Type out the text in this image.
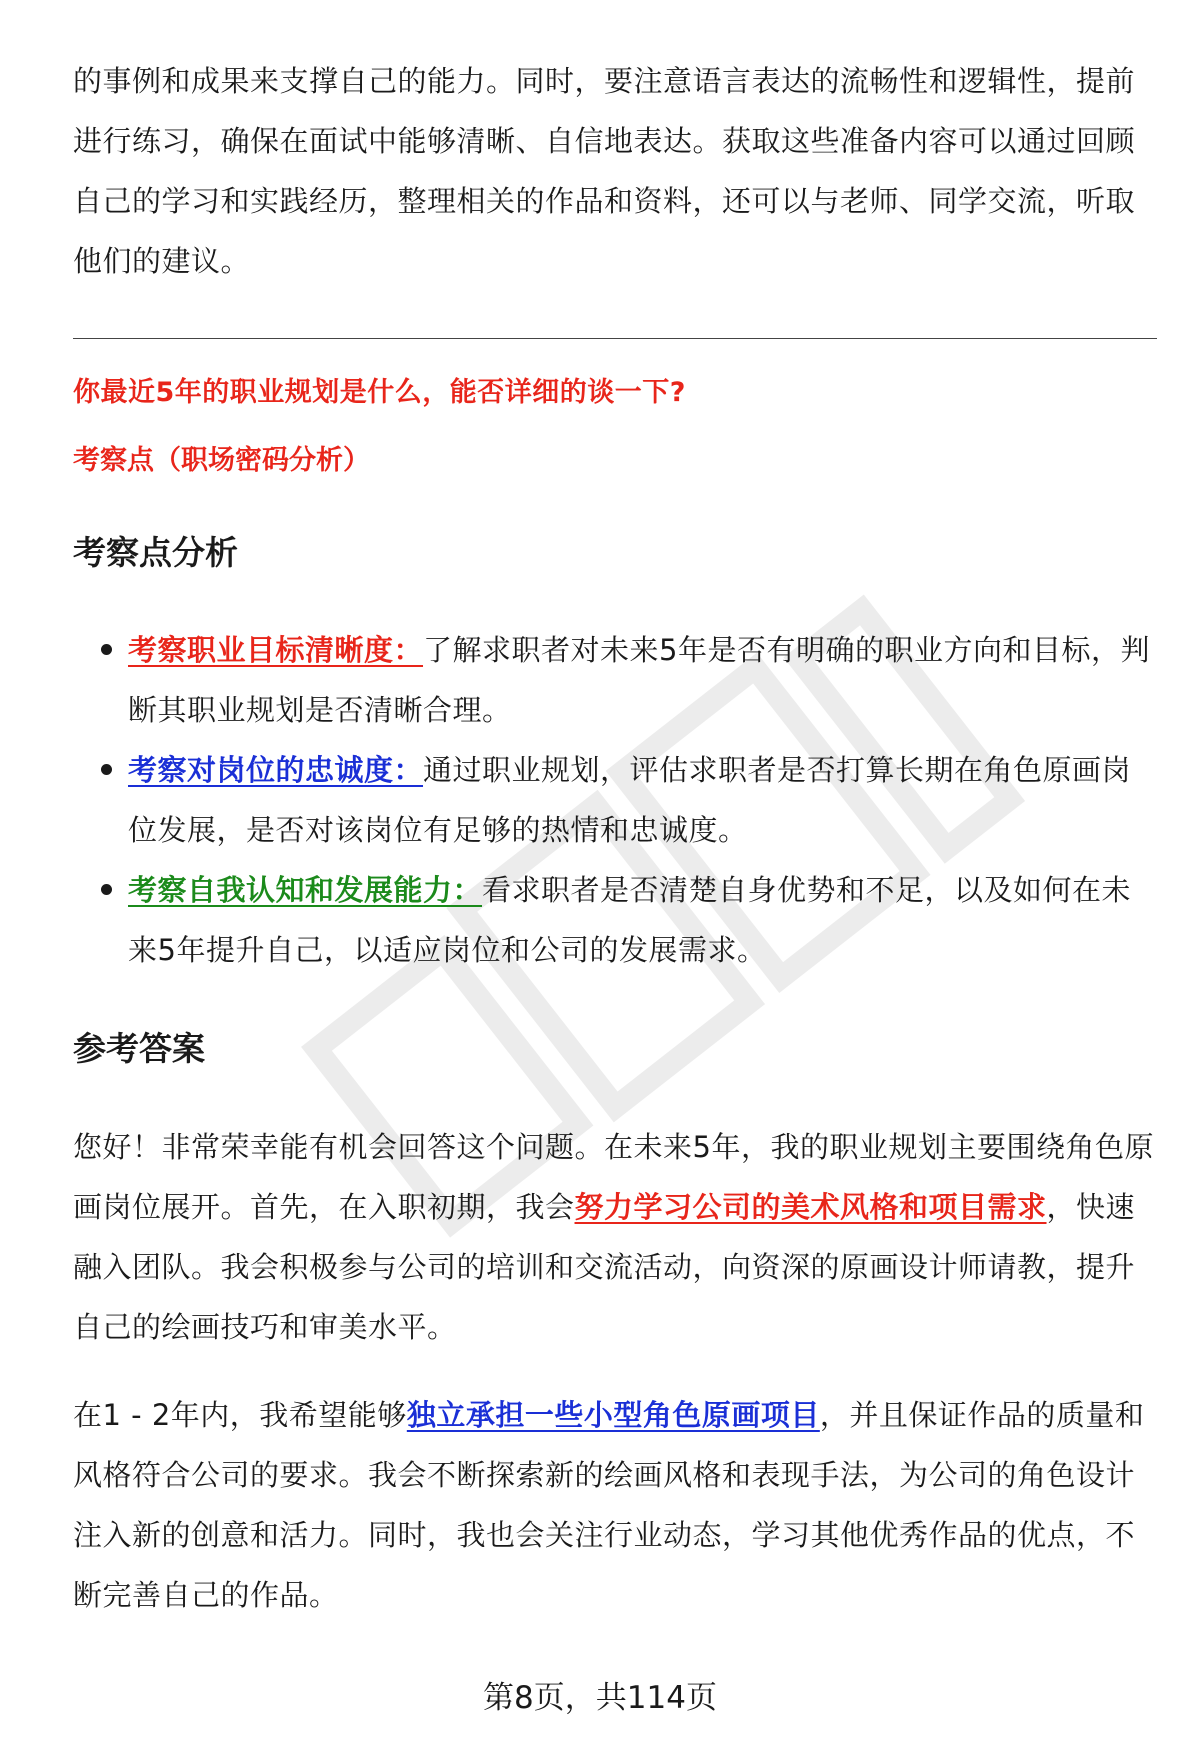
的事例和成果来支撑自己的能力。同时，要注意语言表达的流畅性和逻辑性，提前进行练习，确保在面试中能够清晰、自信地表达。获取这些准备内容可以通过回顾自己的学习和实践经历，整理相关的作品和资料，还可以与老师、同学交流，听取他们的建议。

你最近5年的职业规划是什么，能否详细的谈一下?

考察点（职场密码分析）

考察点分析
考察职业目标清晰度：了解求职者对未来5年是否有明确的职业方向和目标，判断其职业规划是否清晰合理。
考察对岗位的忠诚度：通过职业规划，评估求职者是否打算长期在角色原画岗位发展，是否对该岗位有足够的热情和忠诚度。
考察自我认知和发展能力：看求职者是否清楚自身优势和不足，以及如何在未来5年提升自己，以适应岗位和公司的发展需求。
参考答案

您好！非常荣幸能有机会回答这个问题。在未来5年，我的职业规划主要围绕角色原画岗位展开。首先，在入职初期，我会努力学习公司的美术风格和项目需求，快速融入团队。我会积极参与公司的培训和交流活动，向资深的原画设计师请教，提升自己的绘画技巧和审美水平。

在1 - 2年内，我希望能够独立承担一些小型角色原画项目，并且保证作品的质量和风格符合公司的要求。我会不断探索新的绘画风格和表现手法，为公司的角色设计注入新的创意和活力。同时，我也会关注行业动态，学习其他优秀作品的优点，不断完善自己的作品。

第8页，共114页
